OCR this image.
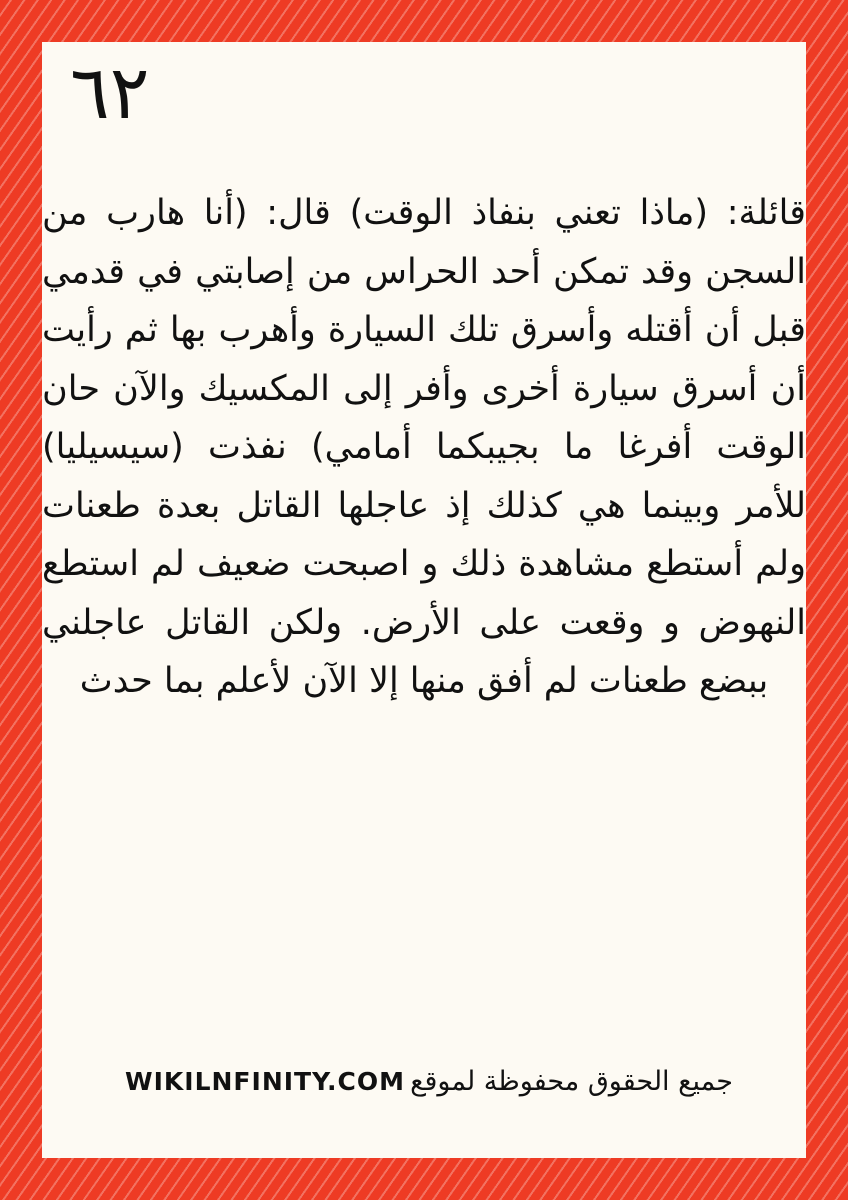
٦٢

قائلة: (ماذا تعني بنفاذ الوقت) قال: (أنا هارب من السجن وقد تمكن أحد الحراس من إصابتي في قدمي قبل أن أقتله وأسرق تلك السيارة وأهرب بها ثم رأيت أن أسرق سيارة أخرى وأفر إلى المكسيك والآن حان الوقت أفرغا ما بجيبكما أمامي) نفذت (سيسيليا) للأمر وبينما هي كذلك إذ عاجلها القاتل بعدة طعنات ولم أستطع مشاهدة ذلك و اصبحت ضعيف لم استطع النهوض و وقعت على الأرض. ولكن القاتل عاجلني ببضع طعنات لم أفق منها إلا الآن لأعلم بما حدث

جميع الحقوق محفوظة لموقع WIKILNFINITY.COM
